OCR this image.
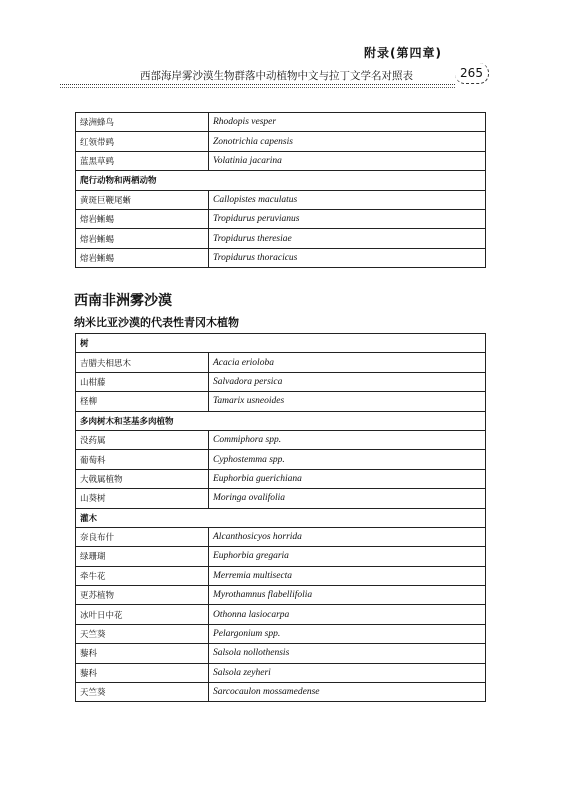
附录(第四章)
西部海岸雾沙漠生物群落中动植物中文与拉丁文学名对照表	265
绿洲蜂鸟	Rhodopis vesper
红领带鹀	Zonotrichia capensis
蓝黑草鹀	Volatinia jacarina
爬行动物和两栖动物	
黄斑巨鞭尾蜥	Callopistes maculatus
熔岩蜥蜴	Tropidurus peruvianus
熔岩蜥蜴	Tropidurus theresiae
熔岩蜥蜴	Tropidurus thoracicus
西南非洲雾沙漠
纳米比亚沙漠的代表性青冈木植物
树	
吉腊夫相思木	Acacia erioloba
山柑藤	Salvadora persica
柽柳	Tamarix usneoides
多肉树木和茎基多肉植物	
没药属	Commiphora spp.
葡萄科	Cyphostemma spp.
大戟属植物	Euphorbia guerichiana
山葵树	Moringa ovalifolia
灌木	
奈良布什	Alcanthosicyos horrida
绿珊瑚	Euphorbia gregaria
牵牛花	Merremia multisecta
更苏植物	Myrothamnus flabellifolia
冰叶日中花	Othonna lasiocarpa
天竺葵	Pelargonium spp.
藜科	Salsola nollothensis
藜科	Salsola zeyheri
天竺葵	Sarcocaulon mossamedense
